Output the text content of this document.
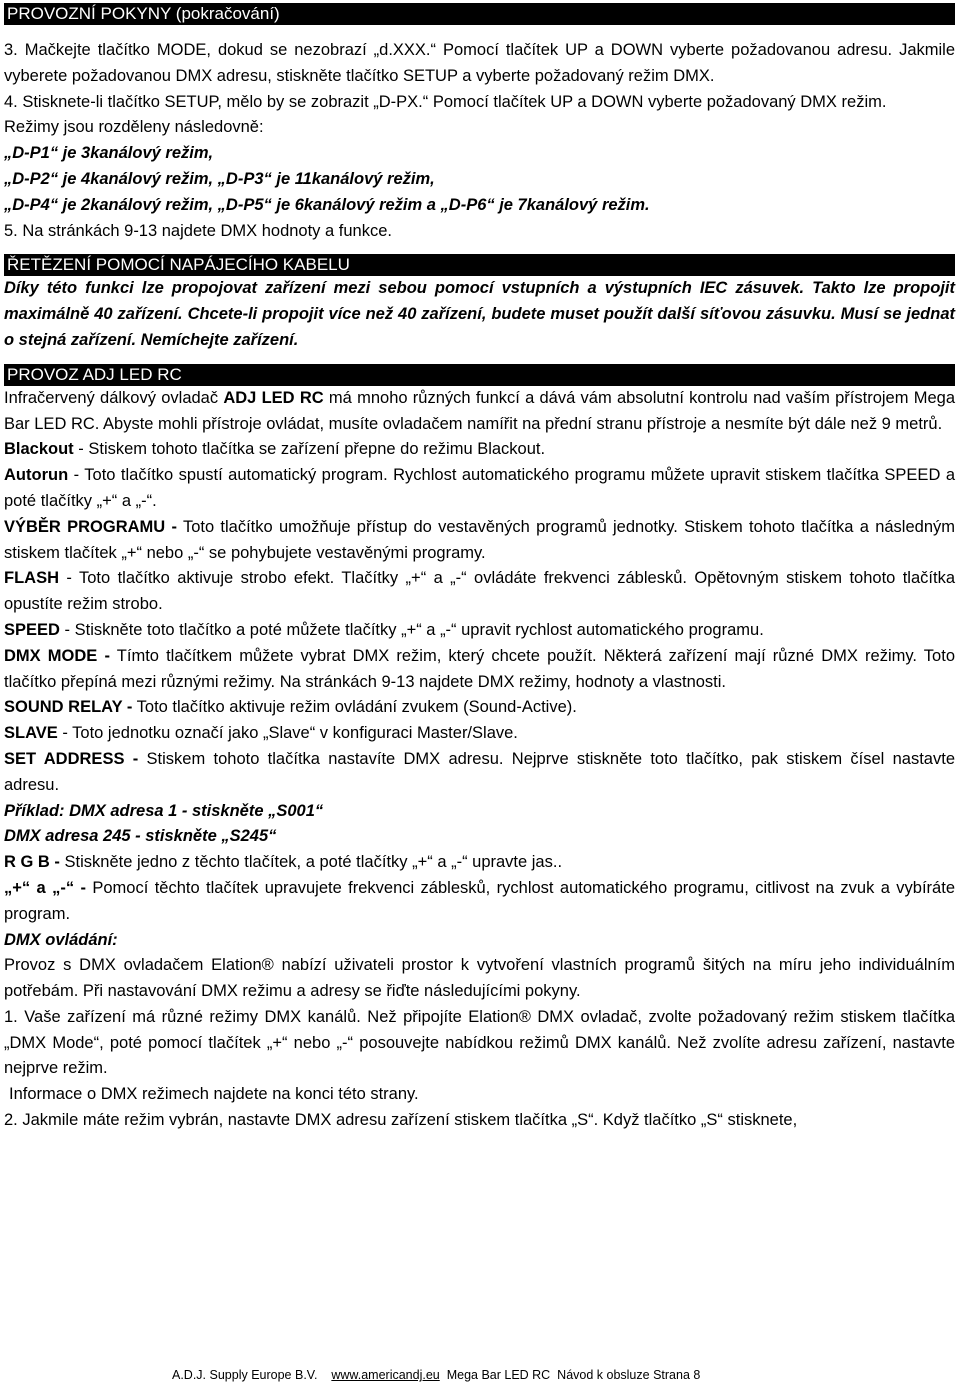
PROVOZNÍ POKYNY (pokračování)

3. Mačkejte tlačítko MODE, dokud se nezobrazí „d.XXX.“ Pomocí tlačítek UP a DOWN vyberte požadovanou adresu. Jakmile vyberete požadovanou DMX adresu, stiskněte tlačítko SETUP a vyberte požadovaný režim DMX.

4. Stisknete-li tlačítko SETUP, mělo by se zobrazit „D-PX.“ Pomocí tlačítek UP a DOWN vyberte požadovaný DMX režim.

Režimy jsou rozděleny následovně:

„D-P1“ je 3kanálový režim,
„D-P2“ je 4kanálový režim, „D-P3“ je 11kanálový režim,
„D-P4“ je 2kanálový režim, „D-P5“ je 6kanálový režim a „D-P6“ je 7kanálový režim.

5. Na stránkách 9-13 najdete DMX hodnoty a funkce.

ŘETĚZENÍ POMOCÍ NAPÁJECÍHO KABELU

Díky této funkci lze propojovat zařízení mezi sebou pomocí vstupních a výstupních IEC zásuvek. Takto lze propojit maximálně 40 zařízení. Chcete-li propojit více než 40 zařízení, budete muset použít další síťovou zásuvku. Musí se jednat o stejná zařízení. Nemíchejte zařízení.

PROVOZ ADJ LED RC

Infračervený dálkový ovladač ADJ LED RC má mnoho různých funkcí a dává vám absolutní kontrolu nad vaším přístrojem Mega Bar LED RC. Abyste mohli přístroje ovládat, musíte ovladačem namířit na přední stranu přístroje a nesmíte být dále než 9 metrů.

Blackout - Stiskem tohoto tlačítka se zařízení přepne do režimu Blackout.

Autorun - Toto tlačítko spustí automatický program. Rychlost automatického programu můžete upravit stiskem tlačítka SPEED a poté tlačítky „+“ a „-“.

VÝBĚR PROGRAMU - Toto tlačítko umožňuje přístup do vestavěných programů jednotky. Stiskem tohoto tlačítka a následným stiskem tlačítek „+“ nebo „-“ se pohybujete vestavěnými programy.

FLASH - Toto tlačítko aktivuje strobo efekt. Tlačítky „+“ a „-“ ovládáte frekvenci záblesků. Opětovným stiskem tohoto tlačítka opustíte režim strobo.

SPEED - Stiskněte toto tlačítko a poté můžete tlačítky „+“ a „-“ upravit rychlost automatického programu.

DMX MODE - Tímto tlačítkem můžete vybrat DMX režim, který chcete použít. Některá zařízení mají různé DMX režimy. Toto tlačítko přepíná mezi různými režimy. Na stránkách 9-13 najdete DMX režimy, hodnoty a vlastnosti.

SOUND RELAY - Toto tlačítko aktivuje režim ovládání zvukem (Sound-Active).

SLAVE - Toto jednotku označí jako „Slave“ v konfiguraci Master/Slave.

SET ADDRESS - Stiskem tohoto tlačítka nastavíte DMX adresu. Nejprve stiskněte toto tlačítko, pak stiskem čísel nastavte adresu.

Příklad: DMX adresa 1 - stiskněte „S001“
DMX adresa 245 - stiskněte „S245“

R G B - Stiskněte jedno z těchto tlačítek, a poté tlačítky „+“ a „-“ upravte jas..

„+“ a „-“ - Pomocí těchto tlačítek upravujete frekvenci záblesků, rychlost automatického programu, citlivost na zvuk a vybíráte program.

DMX ovládání:

Provoz s DMX ovladačem Elation® nabízí uživateli prostor k vytvoření vlastních programů šitých na míru jeho individuálním potřebám. Při nastavování DMX režimu a adresy se řiďte následujícími pokyny.

1. Vaše zařízení má různé režimy DMX kanálů. Než připojíte Elation® DMX ovladač, zvolte požadovaný režim stiskem tlačítka „DMX Mode“, poté pomocí tlačítek „+“ nebo „-“ posouvejte nabídkou režimů DMX kanálů. Než zvolíte adresu zařízení, nastavte nejprve režim.

Informace o DMX režimech najdete na konci této strany.

2. Jakmile máte režim vybrán, nastavte DMX adresu zařízení stiskem tlačítka „S“. Když tlačítko „S“ stisknete,

A.D.J. Supply Europe B.V. www.americandj.eu Mega Bar LED RC Návod k obsluze Strana 8
